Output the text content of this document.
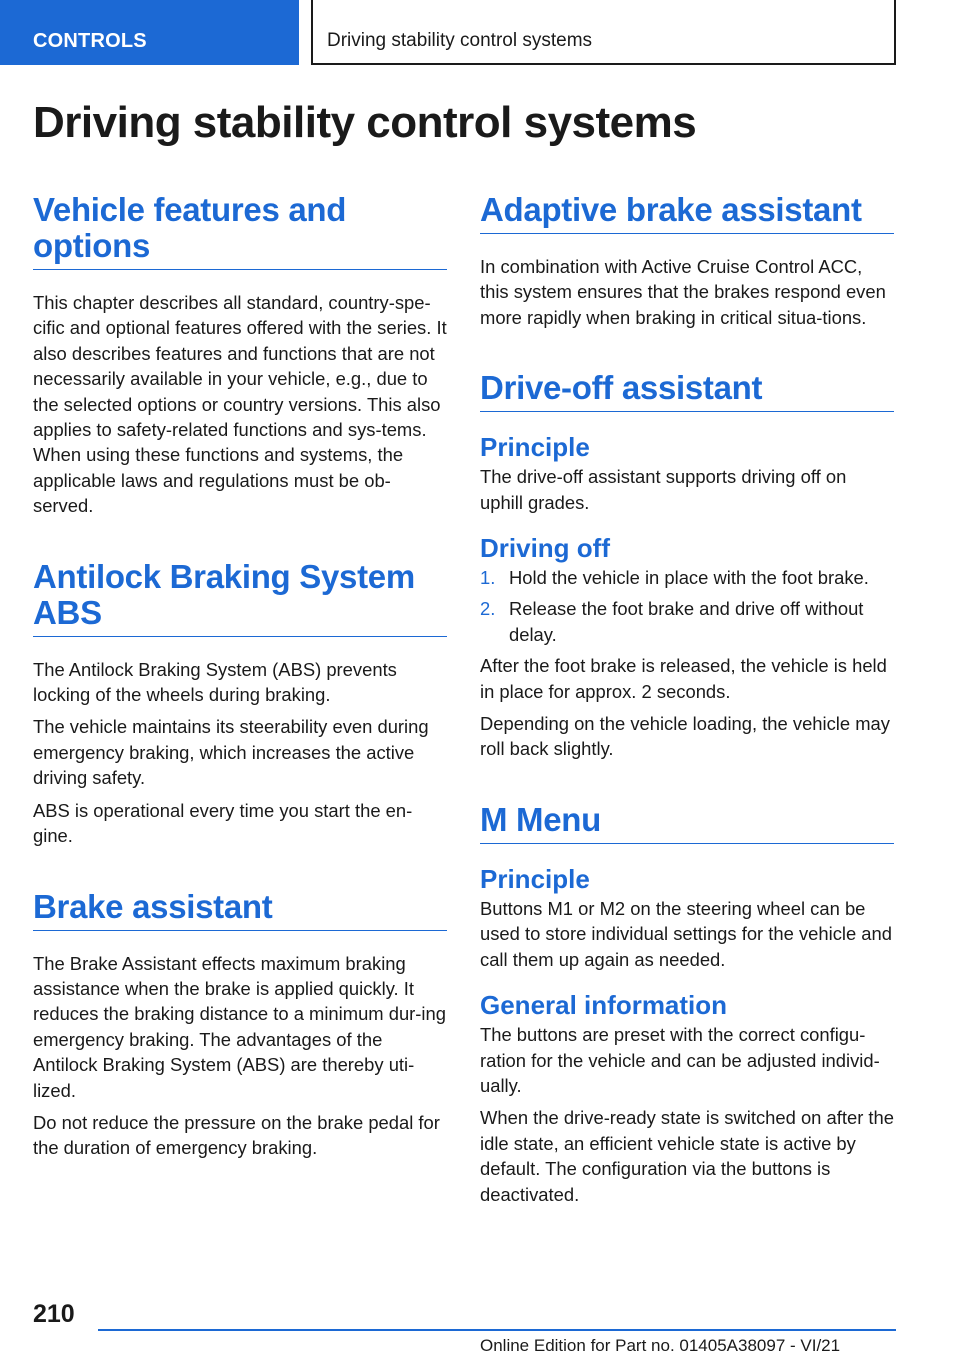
CONTROLS	Driving stability control systems
Driving stability control systems
Vehicle features and options

This chapter describes all standard, country-spe-cific and optional features offered with the series. It also describes features and functions that are not necessarily available in your vehicle, e.g., due to the selected options or country versions. This also applies to safety-related functions and sys-tems. When using these functions and systems, the applicable laws and regulations must be ob-served.

Antilock Braking System ABS

The Antilock Braking System (ABS) prevents locking of the wheels during braking.

The vehicle maintains its steerability even during emergency braking, which increases the active driving safety.

ABS is operational every time you start the en-gine.

Brake assistant

The Brake Assistant effects maximum braking assistance when the brake is applied quickly. It reduces the braking distance to a minimum dur-ing emergency braking. The advantages of the Antilock Braking System (ABS) are thereby uti-lized.

Do not reduce the pressure on the brake pedal for the duration of emergency braking.

Adaptive brake assistant

In combination with Active Cruise Control ACC, this system ensures that the brakes respond even more rapidly when braking in critical situa-tions.

Drive-off assistant
Principle

The drive-off assistant supports driving off on uphill grades.

Driving off
1. Hold the vehicle in place with the foot brake.
2. Release the foot brake and drive off without delay.

After the foot brake is released, the vehicle is held in place for approx. 2 seconds.

Depending on the vehicle loading, the vehicle may roll back slightly.

M Menu
Principle

Buttons M1 or M2 on the steering wheel can be used to store individual settings for the vehicle and call them up again as needed.

General information

The buttons are preset with the correct configu-ration for the vehicle and can be adjusted individ-ually.

When the drive-ready state is switched on after the idle state, an efficient vehicle state is active by default. The configuration via the buttons is deactivated.

210
Online Edition for Part no. 01405A38097 - VI/21
